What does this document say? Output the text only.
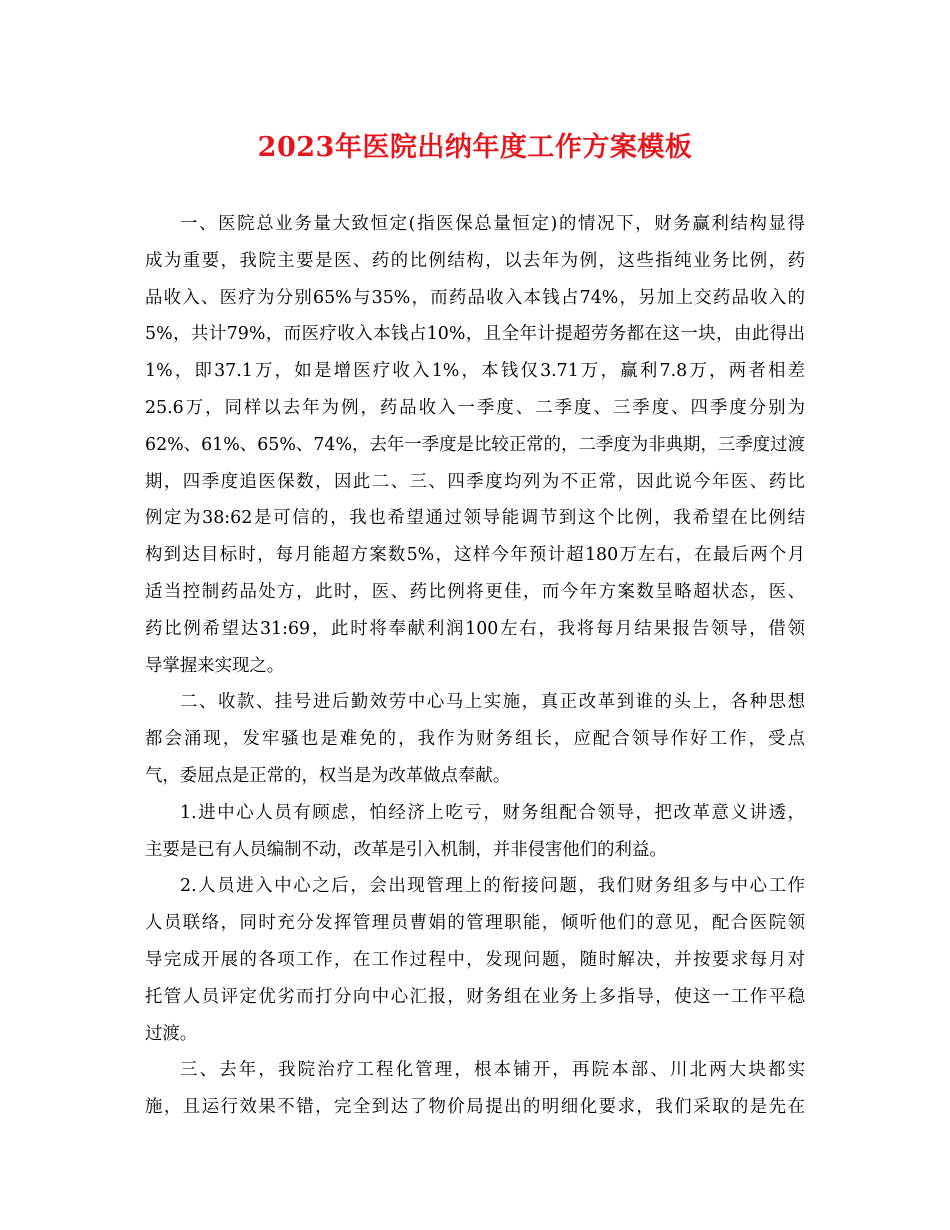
2023年医院出纳年度工作方案模板
一、医院总业务量大致恒定(指医保总量恒定)的情况下，财务赢利结构显得
成为重要，我院主要是医、药的比例结构，以去年为例，这些指纯业务比例，药
品收入、医疗为分别65%与35%，而药品收入本钱占74%，另加上交药品收入的
5%，共计79%，而医疗收入本钱占10%，且全年计提超劳务都在这一块，由此得出
1%，即37.1万，如是增医疗收入1%，本钱仅3.71万，赢利7.8万，两者相差
25.6万，同样以去年为例，药品收入一季度、二季度、三季度、四季度分别为
62%、61%、65%、74%，去年一季度是比较正常的，二季度为非典期，三季度过渡
期，四季度追医保数，因此二、三、四季度均列为不正常，因此说今年医、药比
例定为38:62是可信的，我也希望通过领导能调节到这个比例，我希望在比例结
构到达目标时，每月能超方案数5%，这样今年预计超180万左右，在最后两个月
适当控制药品处方，此时，医、药比例将更佳，而今年方案数呈略超状态，医、
药比例希望达31:69，此时将奉献利润100左右，我将每月结果报告领导，借领
导掌握来实现之。
二、收款、挂号进后勤效劳中心马上实施，真正改革到谁的头上，各种思想
都会涌现，发牢骚也是难免的，我作为财务组长，应配合领导作好工作，受点
气，委屈点是正常的，权当是为改革做点奉献。
1.进中心人员有顾虑，怕经济上吃亏，财务组配合领导，把改革意义讲透，
主要是已有人员编制不动，改革是引入机制，并非侵害他们的利益。
2.人员进入中心之后，会出现管理上的衔接问题，我们财务组多与中心工作
人员联络，同时充分发挥管理员曹娟的管理职能，倾听他们的意见，配合医院领
导完成开展的各项工作，在工作过程中，发现问题，随时解决，并按要求每月对
托管人员评定优劣而打分向中心汇报，财务组在业务上多指导，使这一工作平稳
过渡。
三、去年，我院治疗工程化管理，根本铺开，再院本部、川北两大块都实
施，且运行效果不错，完全到达了物价局提出的明细化要求，我们采取的是先在
